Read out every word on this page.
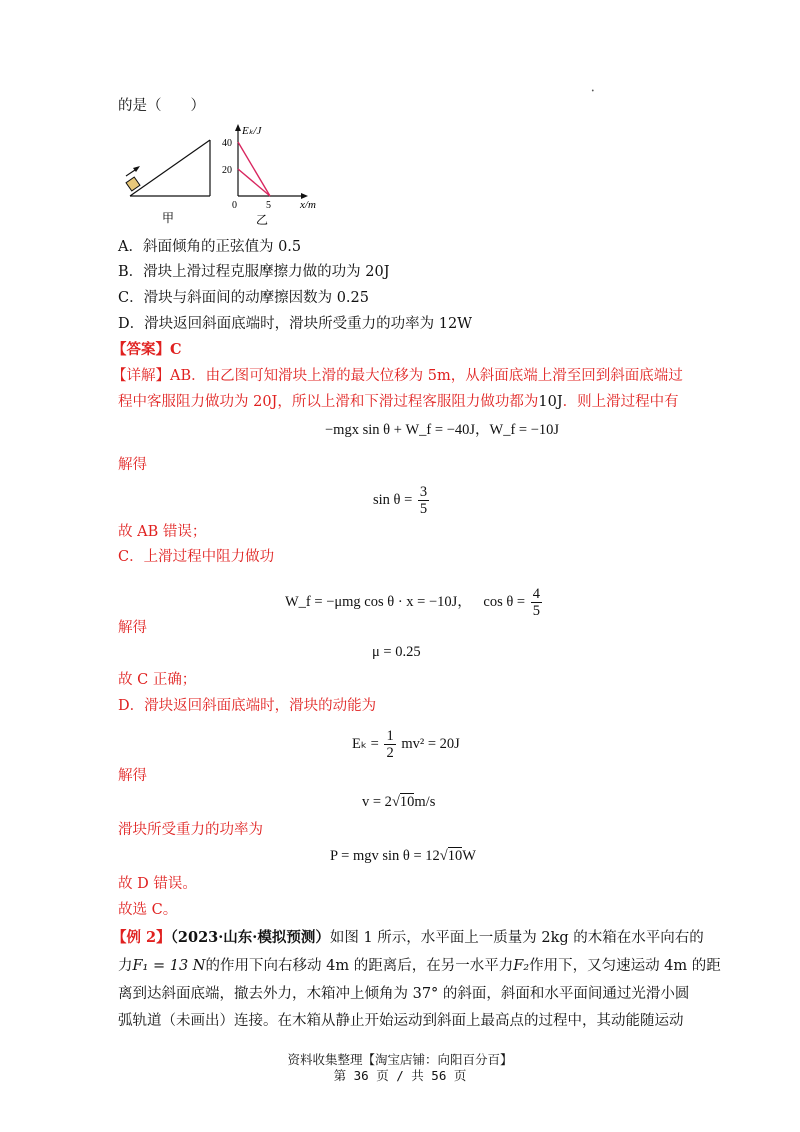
•
的是（　　）
甲
Eₖ/J
40
20
0	5	x/m
乙
A．斜面倾角的正弦值为 0.5
B．滑块上滑过程克服摩擦力做的功为 20J
C．滑块与斜面间的动摩擦因数为 0.25
D．滑块返回斜面底端时，滑块所受重力的功率为 12W
【答案】C
【详解】AB．由乙图可知滑块上滑的最大位移为 5m，从斜面底端上滑至回到斜面底端过
程中客服阻力做功为 20J，所以上滑和下滑过程客服阻力做功都为10J．则上滑过程中有
−mgx sin θ + W_f = −40J，W_f = −10J
解得
$\sin \theta = \frac{3}{5}$
故 AB 错误；
C．上滑过程中阻力做功
W_f = −μmg cos θ · x = −10J， $\cos \theta = \frac{4}{5}$
解得
μ = 0.25
故 C 正确；
D．滑块返回斜面底端时，滑块的动能为
$E_k = \frac{1}{2} mv^2 = 20J$
解得
v = 2√10m/s
滑块所受重力的功率为
P = mgv sin θ = 12√10W
故 D 错误。
故选 C。
【例 2】（2023·山东·模拟预测）如图 1 所示，水平面上一质量为 2kg 的木箱在水平向右的
力F₁ = 13 N的作用下向右移动 4m 的距离后，在另一水平力F₂作用下，又匀速运动 4m 的距
离到达斜面底端，撤去外力，木箱冲上倾角为 37° 的斜面，斜面和水平面间通过光滑小圆
弧轨道（未画出）连接。在木箱从静止开始运动到斜面上最高点的过程中，其动能随运动
资料收集整理【淘宝店铺：向阳百分百】
第 36 页 / 共 56 页
